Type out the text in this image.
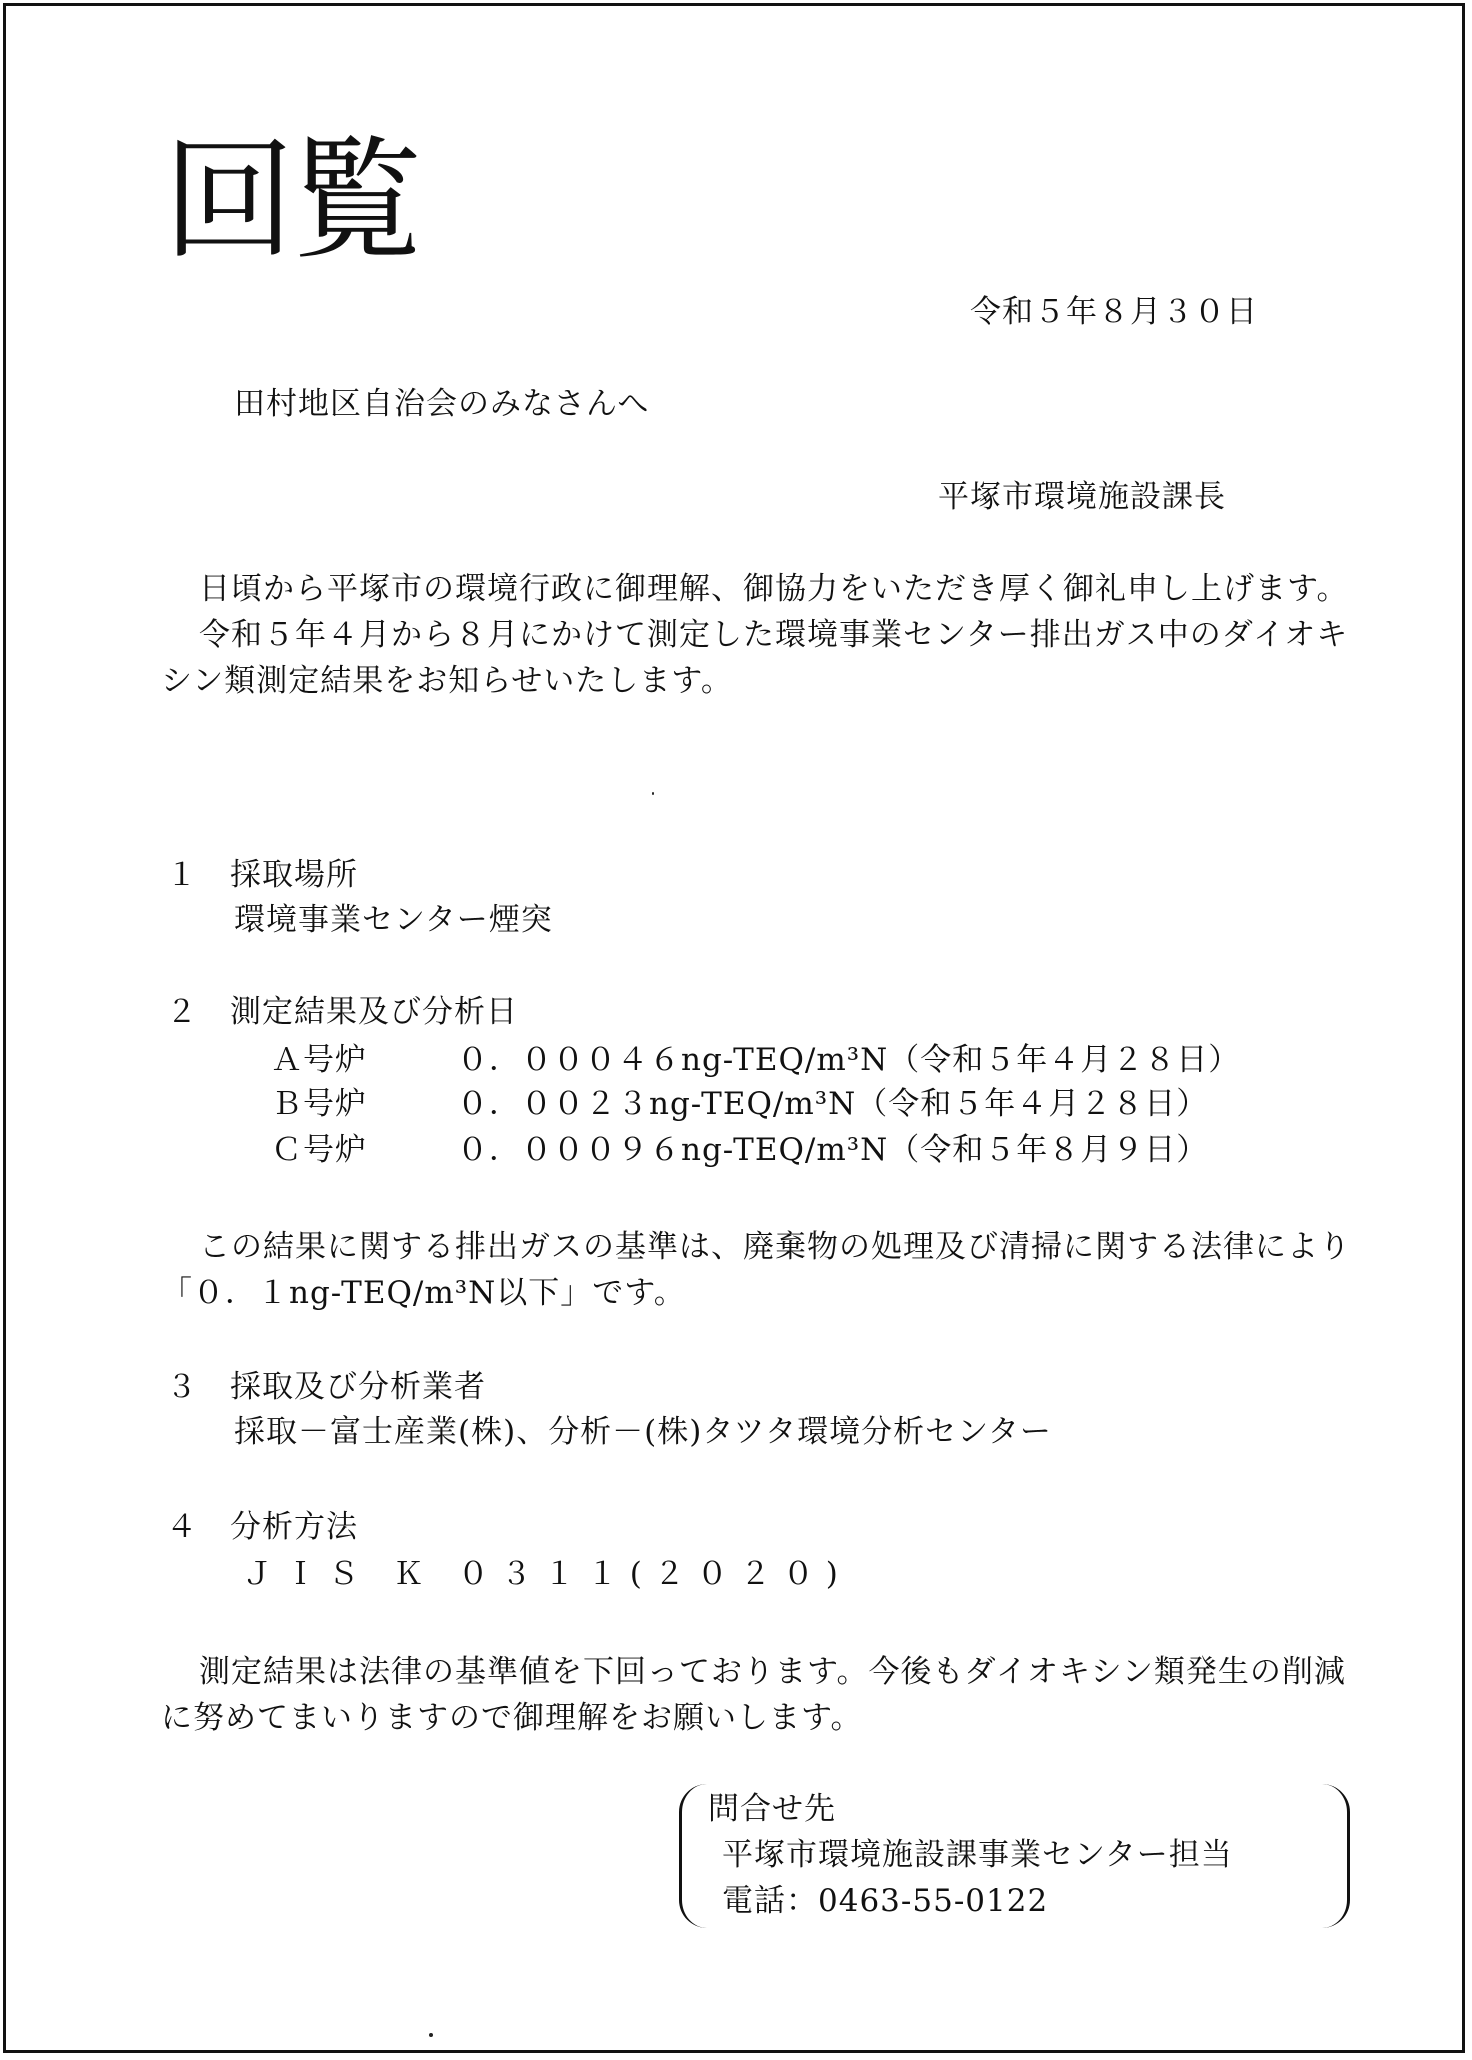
回覧
令和５年８月３０日
田村地区自治会のみなさんへ
平塚市環境施設課長
日頃から平塚市の環境行政に御理解、御協力をいただき厚く御礼申し上げます。
令和５年４月から８月にかけて測定した環境事業センター排出ガス中のダイオキシン類測定結果をお知らせいたします。
１ 採取場所
環境事業センター煙突
２ 測定結果及び分析日
Ａ号炉	０．０００４６ng-TEQ/m³N（令和５年４月２８日）
Ｂ号炉	０．００２３ng-TEQ/m³N（令和５年４月２８日）
Ｃ号炉	０．０００９６ng-TEQ/m³N（令和５年８月９日）
この結果に関する排出ガスの基準は、廃棄物の処理及び清掃に関する法律により「０．１ng-TEQ/m³N以下」です。
３ 採取及び分析業者
採取－富士産業(株)、分析－(株)タツタ環境分析センター
４ 分析方法
ＪＩＳ Ｋ ０３１１(２０２０)
測定結果は法律の基準値を下回っております。今後もダイオキシン類発生の削減に努めてまいりますので御理解をお願いします。
問合せ先
平塚市環境施設課事業センター担当
電話：0463-55-0122
